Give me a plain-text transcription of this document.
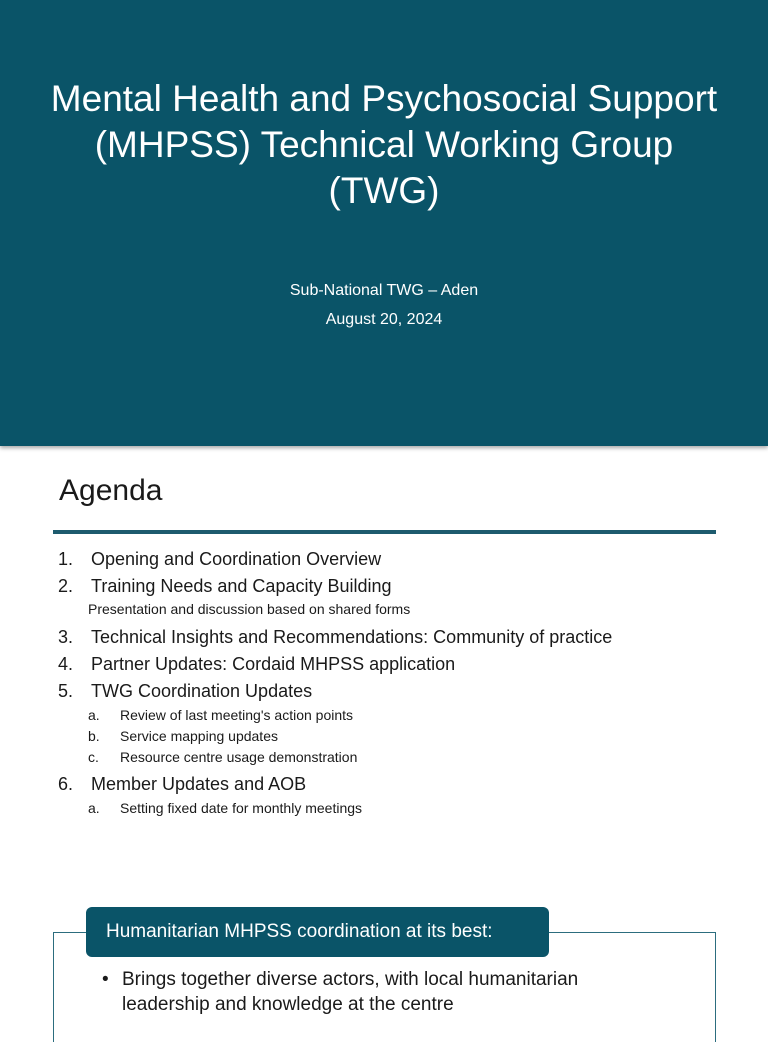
Mental Health and Psychosocial Support (MHPSS) Technical Working Group (TWG)
Sub-National TWG – Aden
August 20, 2024
Agenda
1. Opening and Coordination Overview
2. Training Needs and Capacity Building
Presentation and discussion based on shared forms
3. Technical Insights and Recommendations: Community of practice
4. Partner Updates: Cordaid MHPSS application
5. TWG Coordination Updates
a. Review of last meeting's action points
b. Service mapping updates
c. Resource centre usage demonstration
6. Member Updates and AOB
a. Setting fixed date for monthly meetings
Humanitarian MHPSS coordination at its best:
• Brings together diverse actors, with local humanitarian leadership and knowledge at the centre
